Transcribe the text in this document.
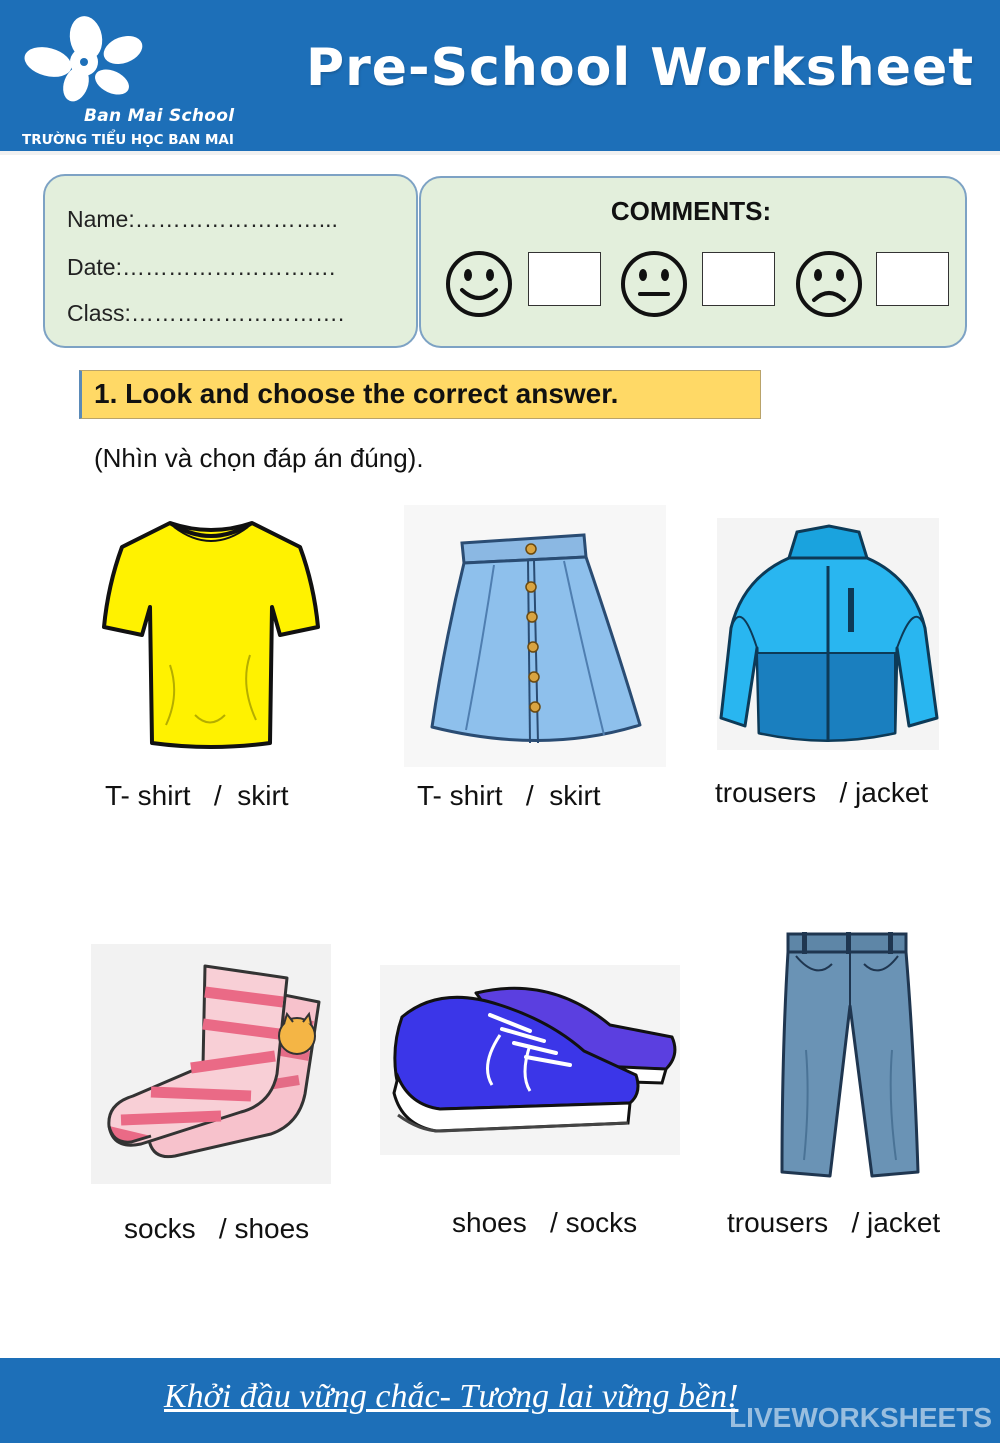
Ban Mai School
TRƯỜNG TIỂU HỌC BAN MAI
Pre-School Worksheet
Name:……………………...
Date:……………………….
Class:……………………….
COMMENTS:
1. Look and choose the correct answer.
(Nhìn và chọn đáp án đúng).
T- shirt   /  skirt	T- shirt   /  skirt	trousers   / jacket
socks   / shoes	shoes   / socks	trousers   / jacket
Khởi đầu vững chắc- Tương lai vững bền!
LIVEWORKSHEETS
